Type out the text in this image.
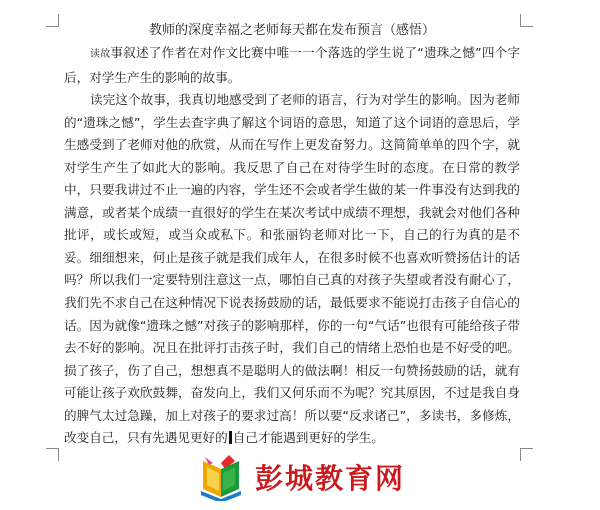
教师的深度幸福之老师每天都在发布预言（感悟）

读故事叙述了作者在对作文比赛中唯一一个落选的学生说了“遗珠之憾”四个字后，对学生产生的影响的故事。

读完这个故事，我真切地感受到了老师的语言，行为对学生的影响。因为老师的“遗珠之憾”，学生去查字典了解这个词语的意思，知道了这个词语的意思后，学生感受到了老师对他的欣赏，从而在写作上更发奋努力。这简简单单的四个字，就对学生产生了如此大的影响。我反思了自己在对待学生时的态度。在日常的教学中，只要我讲过不止一遍的内容，学生还不会或者学生做的某一件事没有达到我的满意，或者某个成绩一直很好的学生在某次考试中成绩不理想，我就会对他们各种批评，或长或短，或当众或私下。和张丽钧老师对比一下，自己的行为真的是不妥。细细想来，何止是孩子就是我们成年人，在很多时候不也喜欢听赞扬估计的话吗？所以我们一定要特别注意这一点，哪怕自己真的对孩子失望或者没有耐心了，我们先不求自己在这种情况下说表扬鼓励的话，最低要求不能说打击孩子自信心的话。因为就像“遗珠之憾”对孩子的影响那样，你的一句“气话”也很有可能给孩子带去不好的影响。况且在批评打击孩子时，我们自己的情绪上恐怕也是不好受的吧。损了孩子，伤了自己，想想真不是聪明人的做法啊！相反一句赞扬鼓励的话，就有可能让孩子欢欣鼓舞，奋发向上，我们又何乐而不为呢？究其原因，不过是我自身的脾气太过急躁，加上对孩子的要求过高！所以要“反求诸己”，多读书，多修炼，改变自己，只有先遇见更好的 自己才能遇到更好的学生。

彭城教育网
